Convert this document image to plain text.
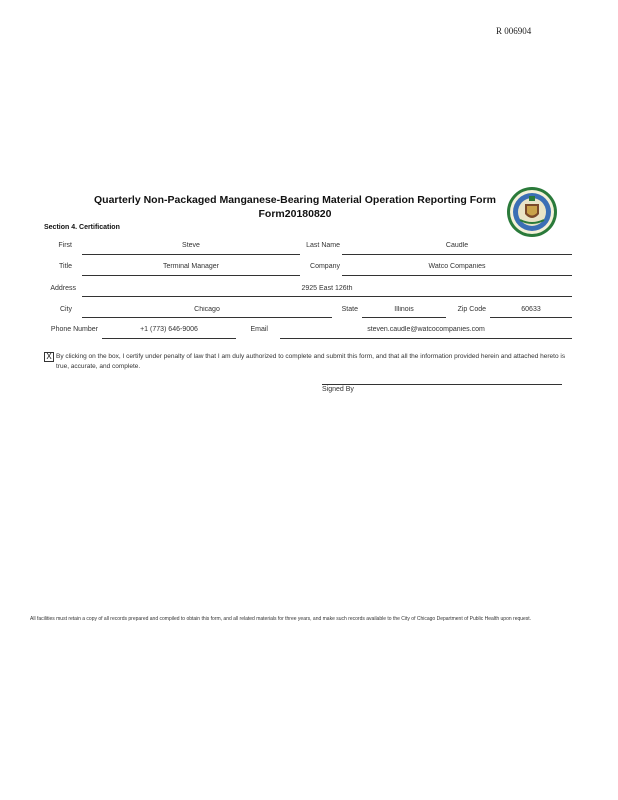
R 006904
Quarterly Non-Packaged Manganese-Bearing Material Operation Reporting Form
Form20180820
Section 4. Certification
First	Steve	Last Name	Caudle
Title	Terminal Manager	Company	Watco Companies
Address	2925 East 126th
City	Chicago	State	Illinois	Zip Code	60633
Phone Number	+1 (773) 646-9006	Email	steven.caudle@watcocompanies.com
X By clicking on the box, I certify under penalty of law that I am duly authorized to complete and submit this form, and that all the information provided herein and attached hereto is true, accurate, and complete.
Signed By
All facilities must retain a copy of all records prepared and compiled to obtain this form, and all related materials for three years, and make such records available to the City of Chicago Department of Public Health upon request.
